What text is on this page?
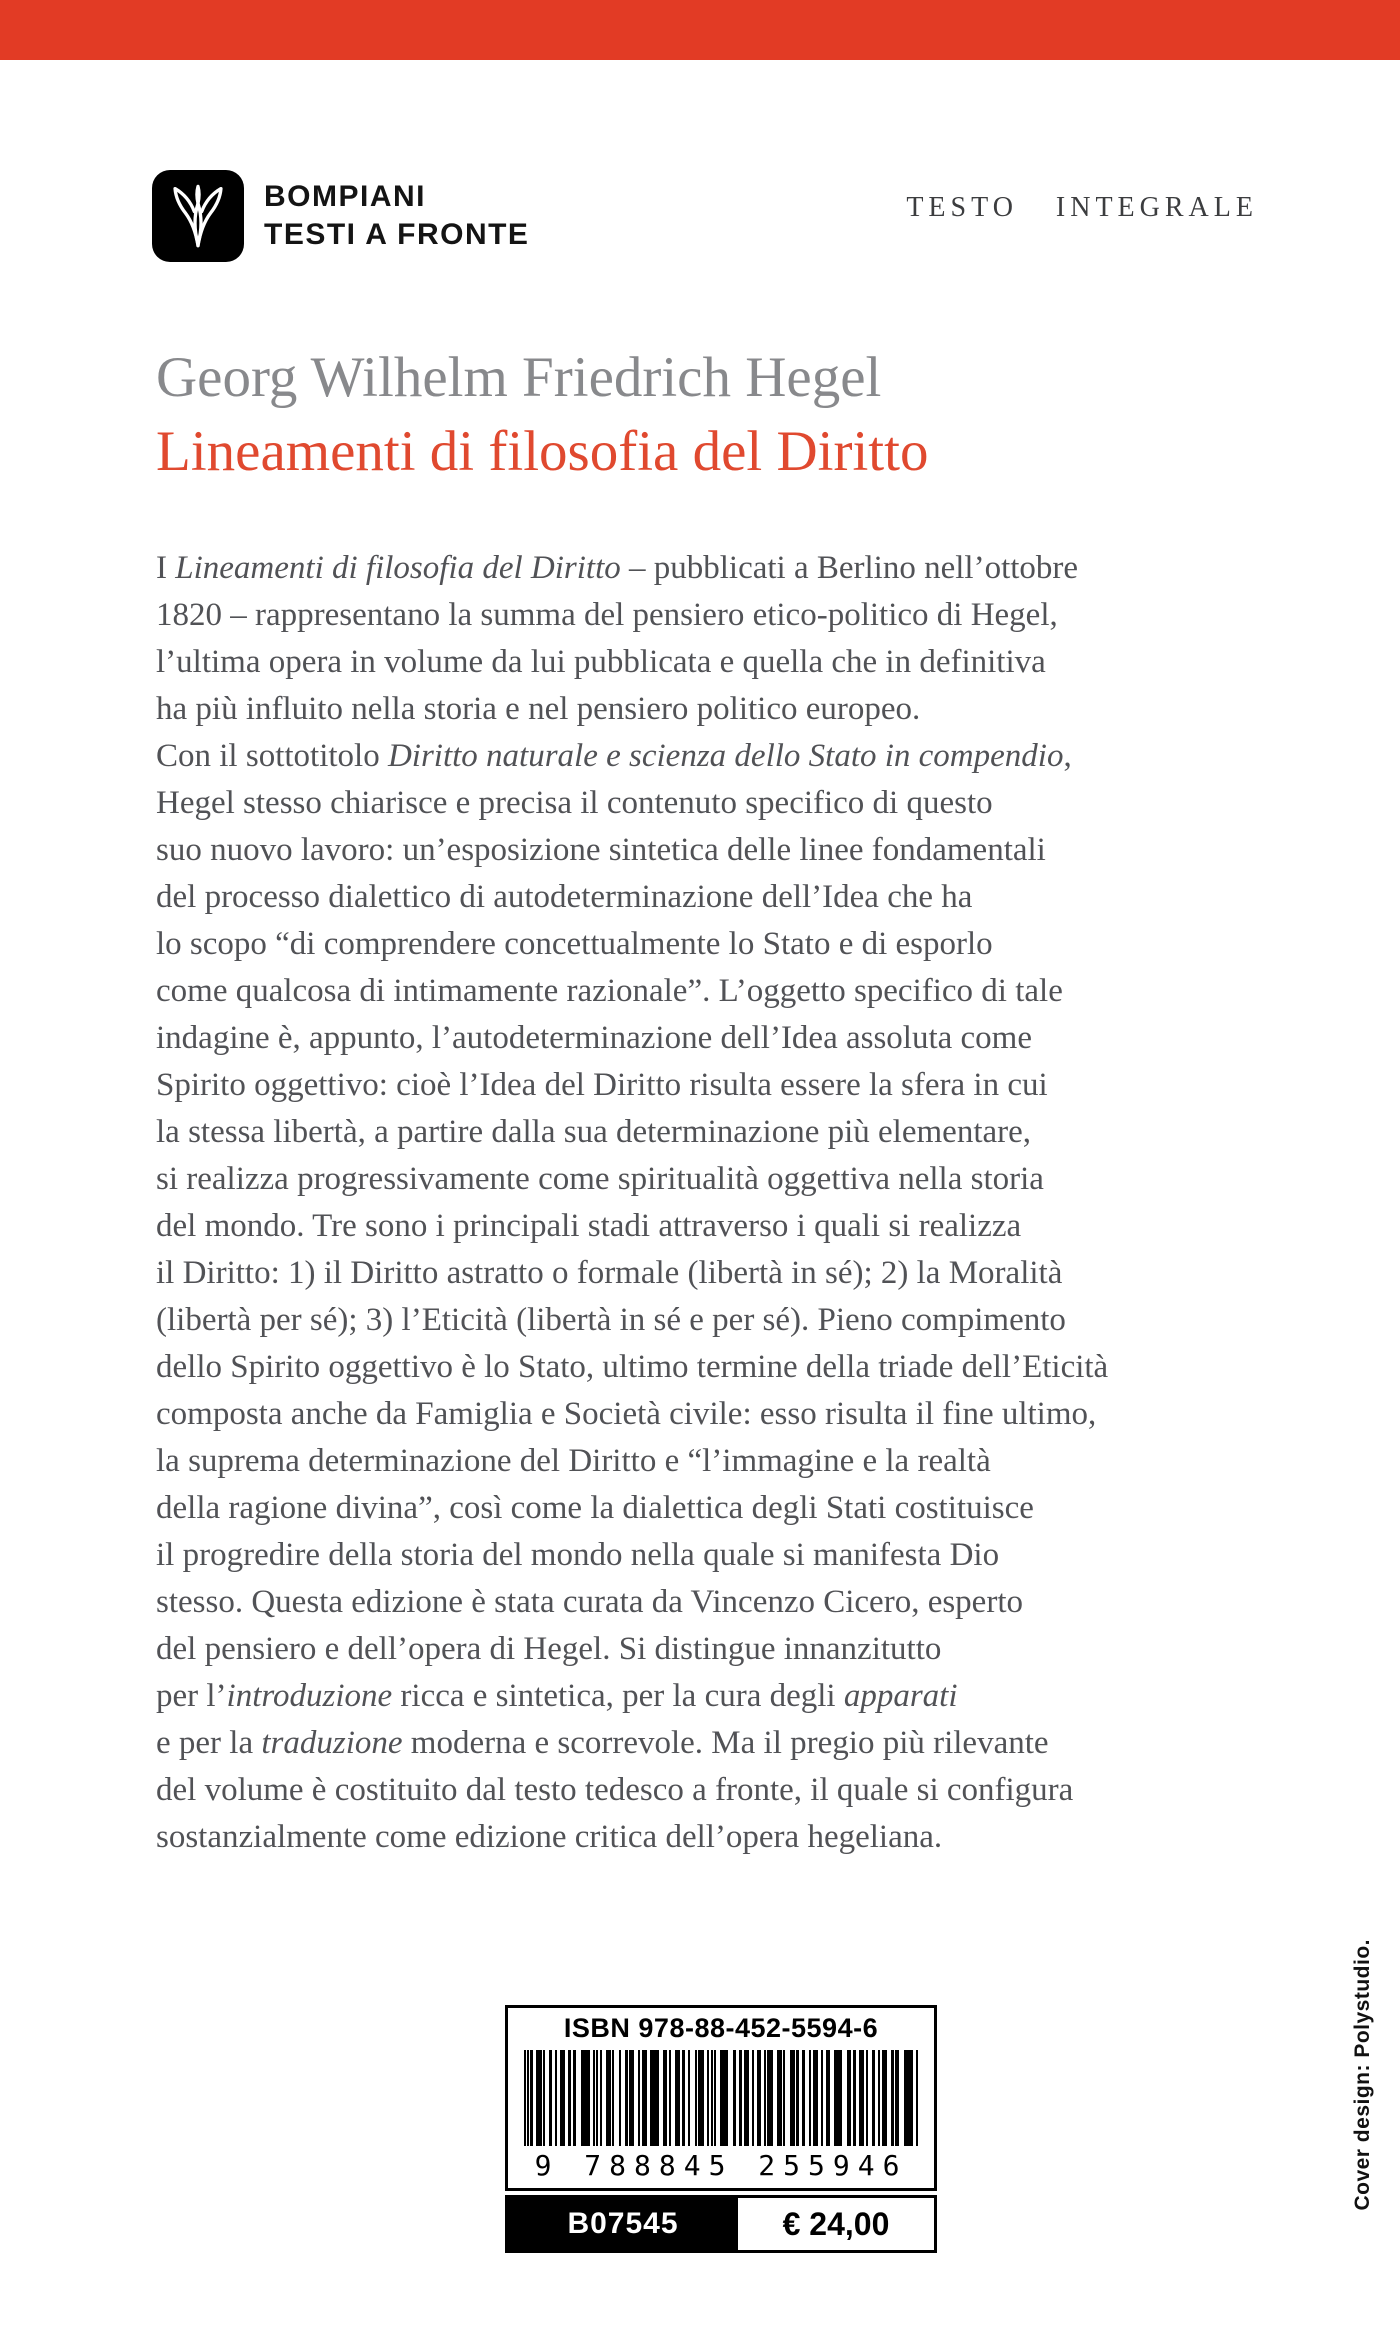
BOMPIANI
TESTI A FRONTE
TESTO INTEGRALE
Georg Wilhelm Friedrich Hegel
Lineamenti di filosofia del Diritto
I Lineamenti di filosofia del Diritto – pubblicati a Berlino nell’ottobre
1820 – rappresentano la summa del pensiero etico-politico di Hegel,
l’ultima opera in volume da lui pubblicata e quella che in definitiva
ha più influito nella storia e nel pensiero politico europeo.
Con il sottotitolo Diritto naturale e scienza dello Stato in compendio,
Hegel stesso chiarisce e precisa il contenuto specifico di questo
suo nuovo lavoro: un’esposizione sintetica delle linee fondamentali
del processo dialettico di autodeterminazione dell’Idea che ha
lo scopo “di comprendere concettualmente lo Stato e di esporlo
come qualcosa di intimamente razionale”. L’oggetto specifico di tale
indagine è, appunto, l’autodeterminazione dell’Idea assoluta come
Spirito oggettivo: cioè l’Idea del Diritto risulta essere la sfera in cui
la stessa libertà, a partire dalla sua determinazione più elementare,
si realizza progressivamente come spiritualità oggettiva nella storia
del mondo. Tre sono i principali stadi attraverso i quali si realizza
il Diritto: 1) il Diritto astratto o formale (libertà in sé); 2) la Moralità
(libertà per sé); 3) l’Eticità (libertà in sé e per sé). Pieno compimento
dello Spirito oggettivo è lo Stato, ultimo termine della triade dell’Eticità
composta anche da Famiglia e Società civile: esso risulta il fine ultimo,
la suprema determinazione del Diritto e “l’immagine e la realtà
della ragione divina”, così come la dialettica degli Stati costituisce
il progredire della storia del mondo nella quale si manifesta Dio
stesso. Questa edizione è stata curata da Vincenzo Cicero, esperto
del pensiero e dell’opera di Hegel. Si distingue innanzitutto
per l’introduzione ricca e sintetica, per la cura degli apparati
e per la traduzione moderna e scorrevole. Ma il pregio più rilevante
del volume è costituito dal testo tedesco a fronte, il quale si configura
sostanzialmente come edizione critica dell’opera hegeliana.
ISBN 978-88-452-5594-6
9 788845 255946
B07545	€ 24,00
Cover design: Polystudio.
